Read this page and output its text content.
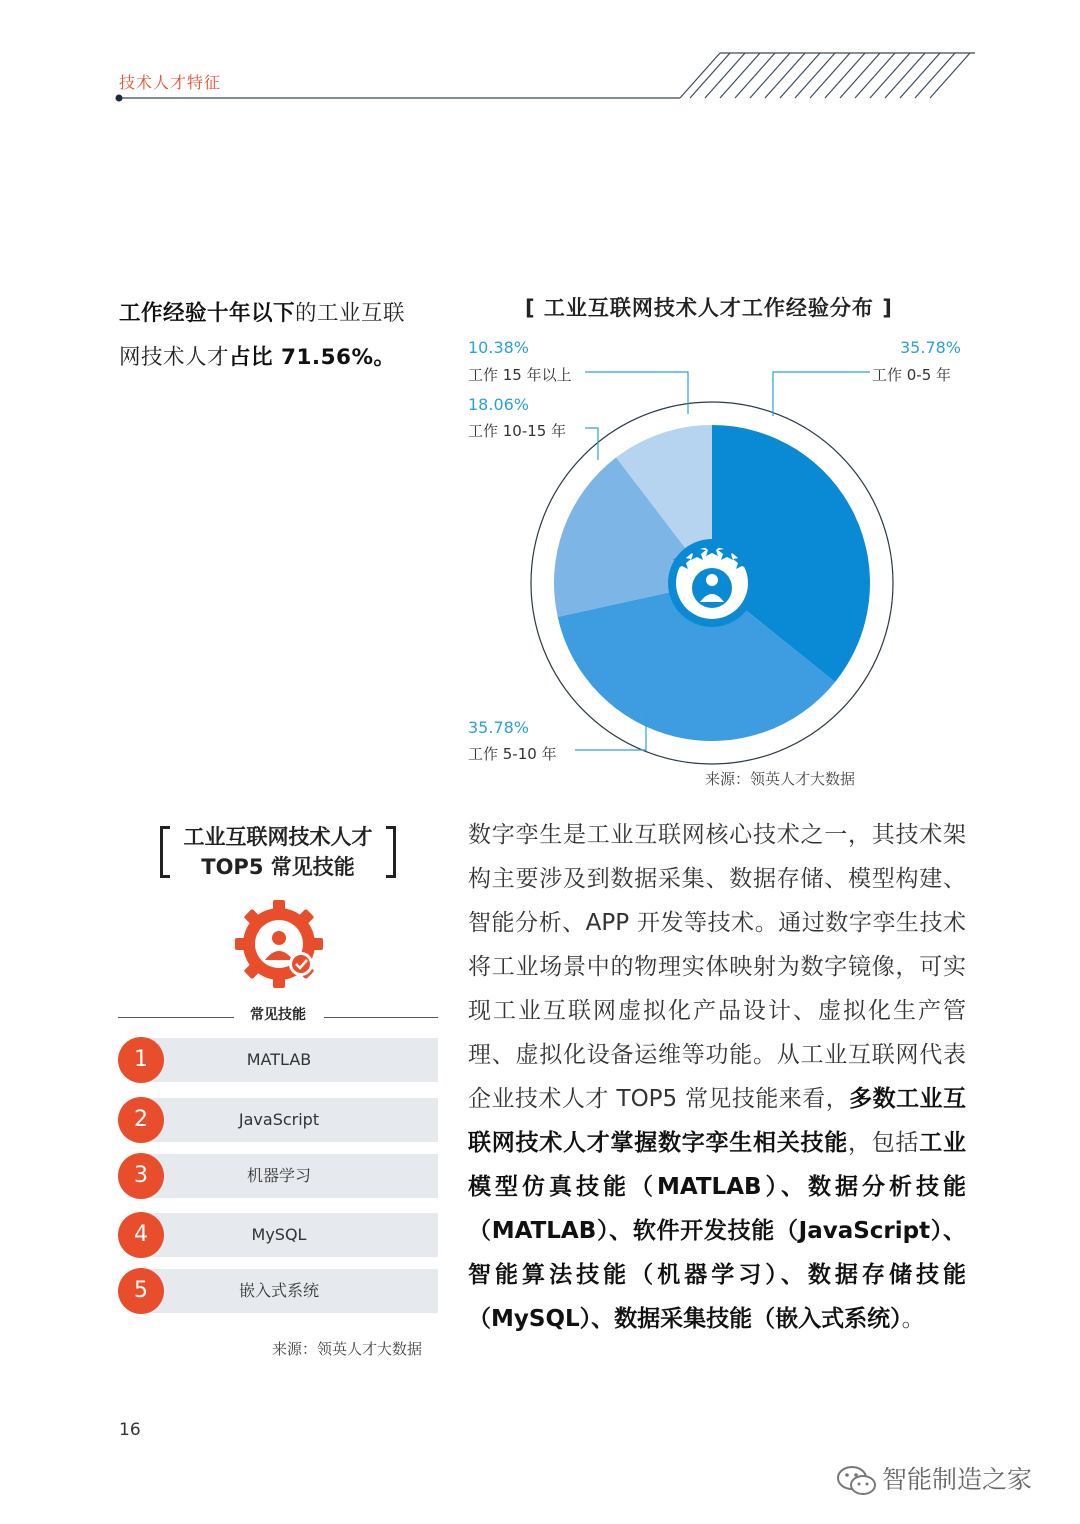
技术人才特征
工作经验十年以下的工业互联
网技术人才占比 71.56%。
[ 工业互联网技术人才工作经验分布 ]
35.78%
工作 0-5 年
10.38%
工作 15 年以上
18.06%
工作 10-15 年
35.78%
工作 5-10 年
来源：领英人才大数据
工业互联网技术人才
TOP5 常见技能
常见技能
1	MATLAB
2	JavaScript
3	机器学习
4	MySQL
5	嵌入式系统
来源：领英人才大数据
数字孪生是工业互联网核心技术之一，其技术架构主要涉及到数据采集、数据存储、模型构建、智能分析、APP 开发等技术。通过数字孪生技术将工业场景中的物理实体映射为数字镜像，可实现工业互联网虚拟化产品设计、虚拟化生产管理、虚拟化设备运维等功能。从工业互联网代表企业技术人才 TOP5 常见技能来看，多数工业互联网技术人才掌握数字孪生相关技能，包括工业模型仿真技能（MATLAB）、数据分析技能（MATLAB）、软件开发技能（JavaScript）、智能算法技能（机器学习）、数据存储技能（MySQL）、数据采集技能（嵌入式系统）。
16
智能制造之家
